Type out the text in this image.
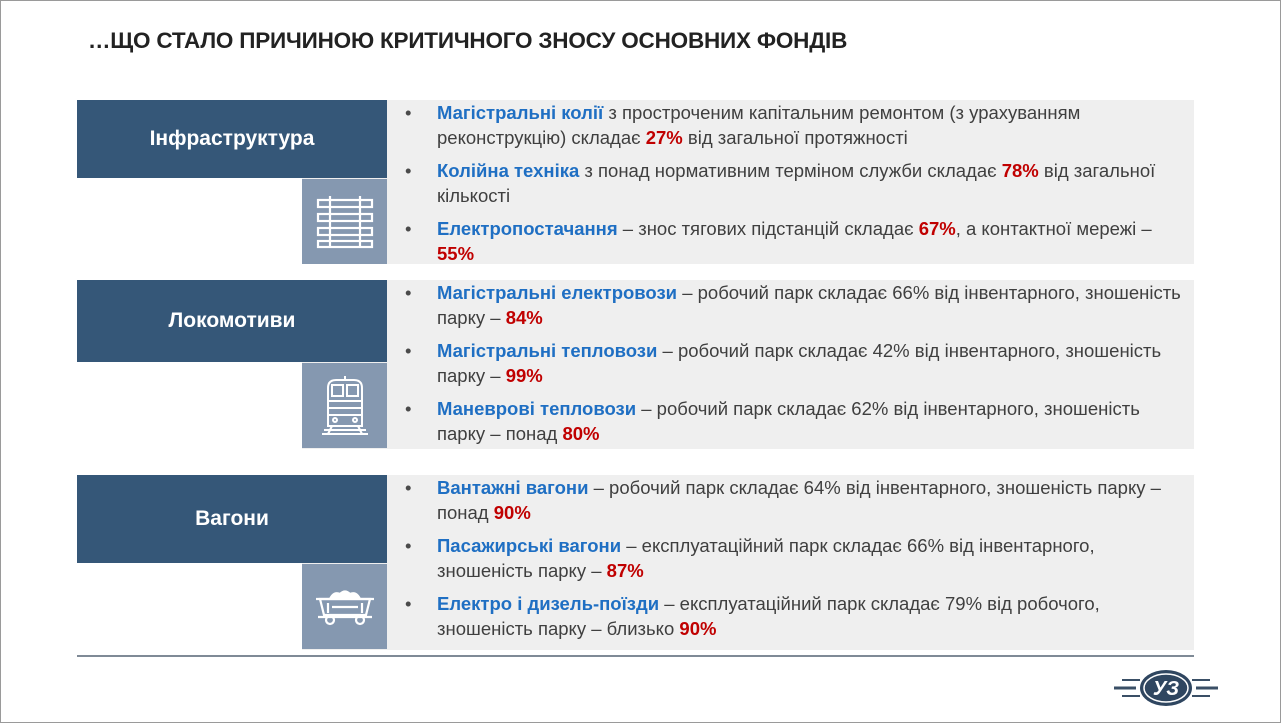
…ЩО СТАЛО ПРИЧИНОЮ КРИТИЧНОГО ЗНОСУ ОСНОВНИХ ФОНДІВ
Інфраструктура
• Магістральні колії з простроченим капітальним ремонтом (з урахуванням реконструкцію) складає 27% від загальної протяжності
• Колійна техніка з понад нормативним терміном служби складає 78% від загальної кількості
• Електропостачання – знос тягових підстанцій складає 67%, а контактної мережі – 55%
Локомотиви
• Магістральні електровози – робочий парк складає 66% від інвентарного, зношеність парку – 84%
• Магістральні тепловози – робочий парк складає 42% від інвентарного, зношеність парку – 99%
• Маневрові тепловози – робочий парк складає 62% від інвентарного, зношеність парку – понад 80%
Вагони
• Вантажні вагони – робочий парк складає 64% від інвентарного, зношеність парку – понад 90%
• Пасажирські вагони – експлуатаційний парк складає 66% від інвентарного, зношеність парку – 87%
• Електро і дизель-поїзди – експлуатаційний парк складає 79% від робочого, зношеність парку – близько 90%
УЗ
